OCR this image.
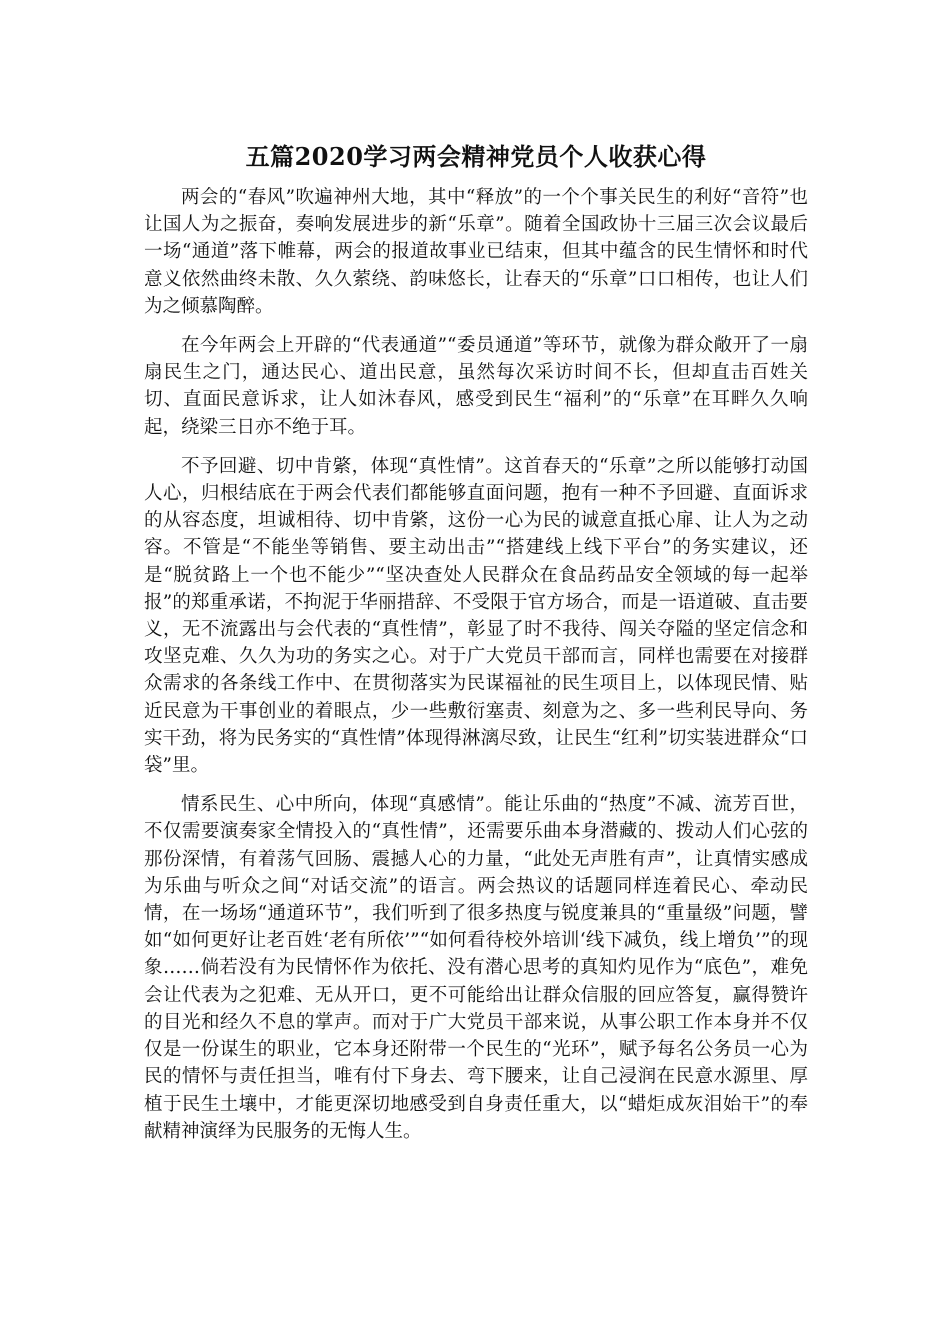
五篇2020学习两会精神党员个人收获心得

两会的“春风”吹遍神州大地，其中“释放”的一个个事关民生的利好“音符”也让国人为之振奋，奏响发展进步的新“乐章”。随着全国政协十三届三次会议最后一场“通道”落下帷幕，两会的报道故事业已结束，但其中蕴含的民生情怀和时代意义依然曲终未散、久久萦绕、韵味悠长，让春天的“乐章”口口相传，也让人们为之倾慕陶醉。

在今年两会上开辟的“代表通道”“委员通道”等环节，就像为群众敞开了一扇扇民生之门，通达民心、道出民意，虽然每次采访时间不长，但却直击百姓关切、直面民意诉求，让人如沐春风，感受到民生“福利”的“乐章”在耳畔久久响起，绕梁三日亦不绝于耳。

不予回避、切中肯綮，体现“真性情”。这首春天的“乐章”之所以能够打动国人心，归根结底在于两会代表们都能够直面问题，抱有一种不予回避、直面诉求的从容态度，坦诚相待、切中肯綮，这份一心为民的诚意直抵心扉、让人为之动容。不管是“不能坐等销售、要主动出击”“搭建线上线下平台”的务实建议，还是“脱贫路上一个也不能少”“坚决查处人民群众在食品药品安全领域的每一起举报”的郑重承诺，不拘泥于华丽措辞、不受限于官方场合，而是一语道破、直击要义，无不流露出与会代表的“真性情”，彰显了时不我待、闯关夺隘的坚定信念和攻坚克难、久久为功的务实之心。对于广大党员干部而言，同样也需要在对接群众需求的各条线工作中、在贯彻落实为民谋福祉的民生项目上，以体现民情、贴近民意为干事创业的着眼点，少一些敷衍塞责、刻意为之、多一些利民导向、务实干劲，将为民务实的“真性情”体现得淋漓尽致，让民生“红利”切实装进群众“口袋”里。

情系民生、心中所向，体现“真感情”。能让乐曲的“热度”不减、流芳百世，不仅需要演奏家全情投入的“真性情”，还需要乐曲本身潜藏的、拨动人们心弦的那份深情，有着荡气回肠、震撼人心的力量，“此处无声胜有声”，让真情实感成为乐曲与听众之间“对话交流”的语言。两会热议的话题同样连着民心、牵动民情，在一场场“通道环节”，我们听到了很多热度与锐度兼具的“重量级”问题，譬如“如何更好让老百姓‘老有所依’”“如何看待校外培训‘线下减负，线上增负’”的现象……倘若没有为民情怀作为依托、没有潜心思考的真知灼见作为“底色”，难免会让代表为之犯难、无从开口，更不可能给出让群众信服的回应答复，赢得赞许的目光和经久不息的掌声。而对于广大党员干部来说，从事公职工作本身并不仅仅是一份谋生的职业，它本身还附带一个民生的“光环”，赋予每名公务员一心为民的情怀与责任担当，唯有付下身去、弯下腰来，让自己浸润在民意水源里、厚植于民生土壤中，才能更深切地感受到自身责任重大，以“蜡炬成灰泪始干”的奉献精神演绎为民服务的无悔人生。
